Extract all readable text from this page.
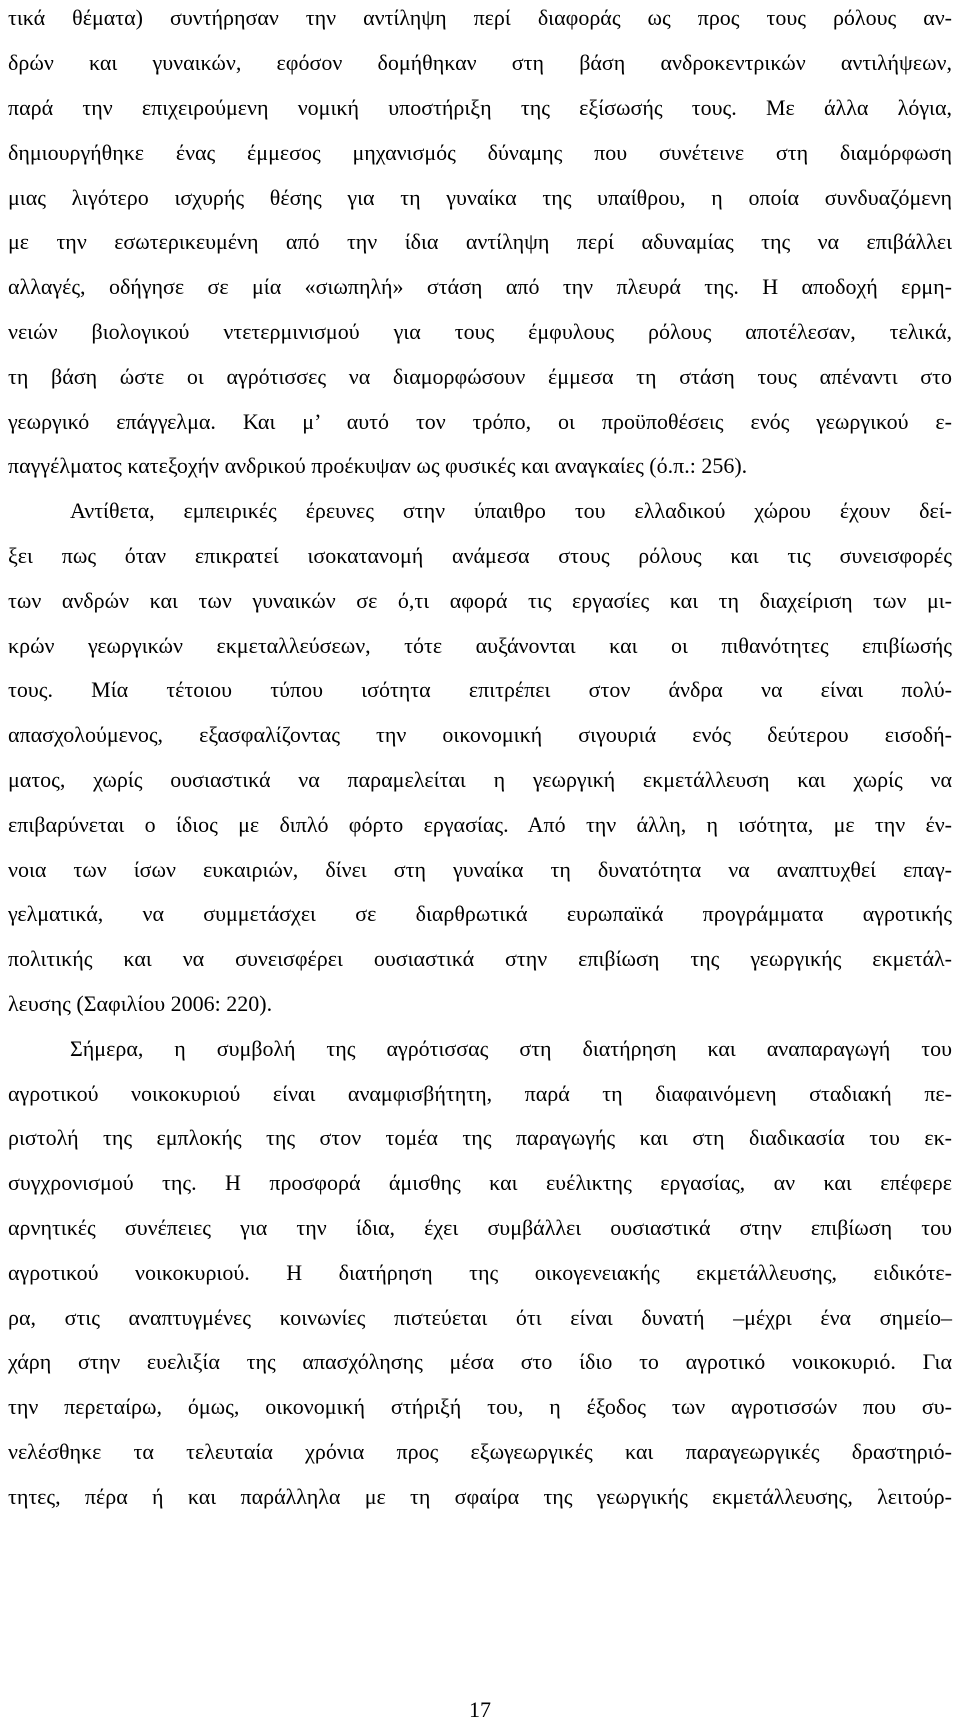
τικά θέματα) συντήρησαν την αντίληψη περί διαφοράς ως προς τους ρόλους αν-
δρών και γυναικών, εφόσον δομήθηκαν στη βάση ανδροκεντρικών αντιλήψεων,
παρά την επιχειρούμενη νομική υποστήριξη της εξίσωσής τους. Με άλλα λόγια,
δημιουργήθηκε ένας έμμεσος μηχανισμός δύναμης που συνέτεινε στη διαμόρφωση
μιας λιγότερο ισχυρής θέσης για τη γυναίκα της υπαίθρου, η οποία συνδυαζόμενη
με την εσωτερικευμένη από την ίδια αντίληψη περί αδυναμίας της να επιβάλλει
αλλαγές, οδήγησε σε μία «σιωπηλή» στάση από την πλευρά της. Η αποδοχή ερμη-
νειών βιολογικού ντετερμινισμού για τους έμφυλους ρόλους αποτέλεσαν, τελικά,
τη βάση ώστε οι αγρότισσες να διαμορφώσουν έμμεσα τη στάση τους απέναντι στο
γεωργικό επάγγελμα. Και μ’ αυτό τον τρόπο, οι προϋποθέσεις ενός γεωργικού ε-
παγγέλματος κατεξοχήν ανδρικού προέκυψαν ως φυσικές και αναγκαίες (ό.π.: 256).
Αντίθετα, εμπειρικές έρευνες στην ύπαιθρο του ελλαδικού χώρου έχουν δεί-
ξει πως όταν επικρατεί ισοκατανομή ανάμεσα στους ρόλους και τις συνεισφορές
των ανδρών και των γυναικών σε ό,τι αφορά τις εργασίες και τη διαχείριση των μι-
κρών γεωργικών εκμεταλλεύσεων, τότε αυξάνονται και οι πιθανότητες επιβίωσής
τους. Μία τέτοιου τύπου ισότητα επιτρέπει στον άνδρα να είναι πολύ-
απασχολούμενος, εξασφαλίζοντας την οικονομική σιγουριά ενός δεύτερου εισοδή-
ματος, χωρίς ουσιαστικά να παραμελείται η γεωργική εκμετάλλευση και χωρίς να
επιβαρύνεται ο ίδιος με διπλό φόρτο εργασίας. Από την άλλη, η ισότητα, με την έν-
νοια των ίσων ευκαιριών, δίνει στη γυναίκα τη δυνατότητα να αναπτυχθεί επαγ-
γελματικά, να συμμετάσχει σε διαρθρωτικά ευρωπαϊκά προγράμματα αγροτικής
πολιτικής και να συνεισφέρει ουσιαστικά στην επιβίωση της γεωργικής εκμετάλ-
λευσης (Σαφιλίου 2006: 220).
Σήμερα, η συμβολή της αγρότισσας στη διατήρηση και αναπαραγωγή του
αγροτικού νοικοκυριού είναι αναμφισβήτητη, παρά τη διαφαινόμενη σταδιακή πε-
ριστολή της εμπλοκής της στον τομέα της παραγωγής και στη διαδικασία του εκ-
συγχρονισμού της. Η προσφορά άμισθης και ευέλικτης εργασίας, αν και επέφερε
αρνητικές συνέπειες για την ίδια, έχει συμβάλλει ουσιαστικά στην επιβίωση του
αγροτικού νοικοκυριού. Η διατήρηση της οικογενειακής εκμετάλλευσης, ειδικότε-
ρα, στις αναπτυγμένες κοινωνίες πιστεύεται ότι είναι δυνατή –μέχρι ένα σημείο–
χάρη στην ευελιξία της απασχόλησης μέσα στο ίδιο το αγροτικό νοικοκυριό. Για
την περεταίρω, όμως, οικονομική στήριξή του, η έξοδος των αγροτισσών που συ-
νελέσθηκε τα τελευταία χρόνια προς εξωγεωργικές και παραγεωργικές δραστηριό-
τητες, πέρα ή και παράλληλα με τη σφαίρα της γεωργικής εκμετάλλευσης, λειτούρ-
17
